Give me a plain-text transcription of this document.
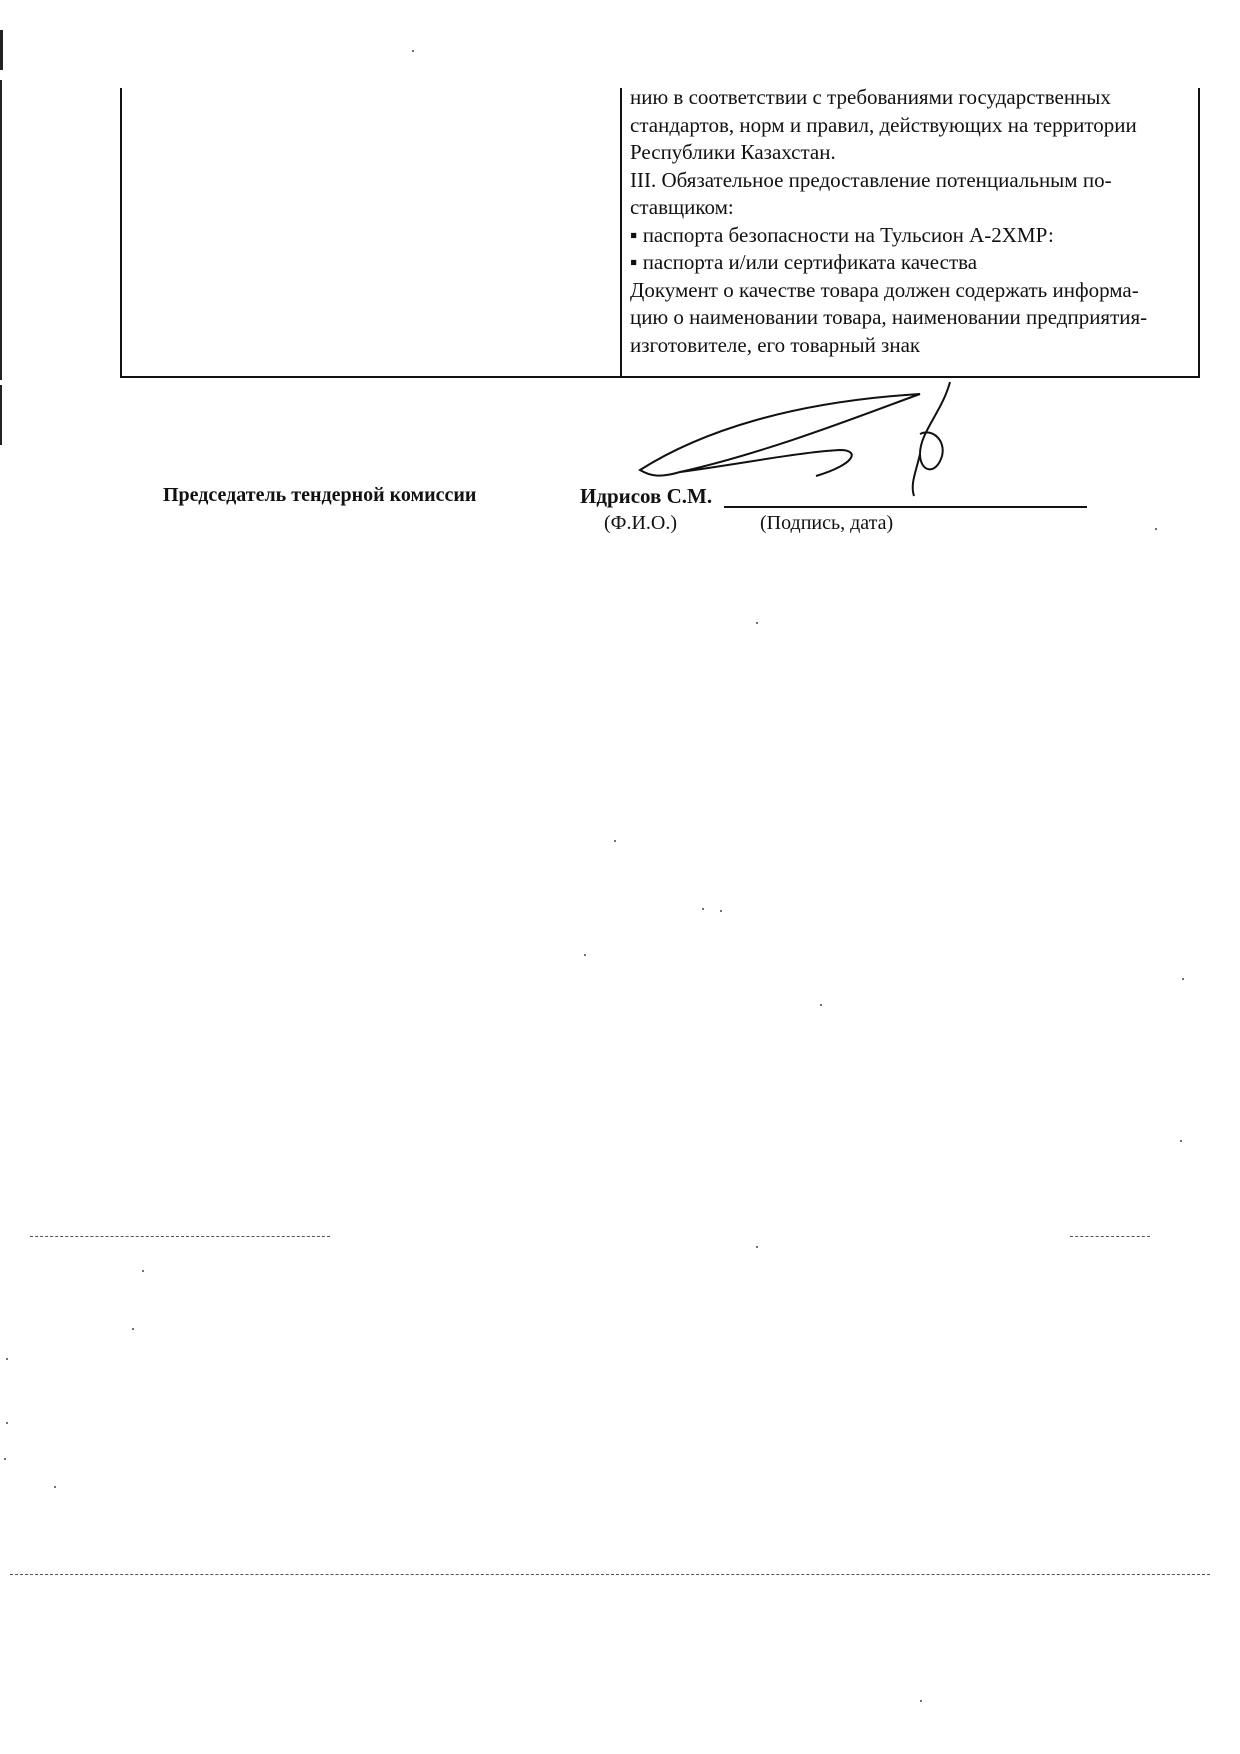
нию в соответствии с требованиями государственных
стандартов, норм и правил, действующих на территории
Республики Казахстан.
III. Обязательное предоставление потенциальным по-
ставщиком:
▪ паспорта безопасности на Тульсион А-2ХМР:
▪ паспорта и/или сертификата качества
Документ о качестве товара должен содержать информа-
цию о наименовании товара, наименовании предприятия-
изготовителе, его товарный знак
Председатель тендерной комиссии	Идрисов С.М.
(Ф.И.О.)	(Подпись, дата)
